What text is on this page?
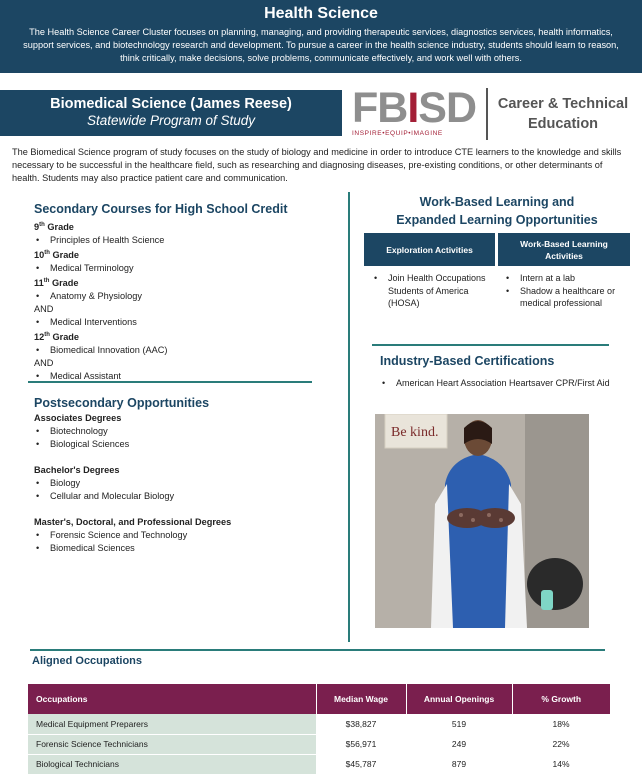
Health Science

The Health Science Career Cluster focuses on planning, managing, and providing therapeutic services, diagnostics services, health informatics, support services, and biotechnology research and development. To pursue a career in the health science industry, students should learn to reason, think critically, make decisions, solve problems, communicate effectively, and work well with others.

Biomedical Science (James Reese)
Statewide Program of Study	FBISD
INSPIRE•EQUIP•IMAGINE
Career & Technical
Education
The Biomedical Science program of study focuses on the study of biology and medicine in order to introduce CTE learners to the knowledge and skills necessary to be successful in the healthcare field, such as researching and diagnosing diseases, pre-existing conditions, or other determinants of health. Students may also practice patient care and communication.
Secondary Courses for High School Credit
9th Grade
• Principles of Health Science
10th Grade
• Medical Terminology
11th Grade
• Anatomy & Physiology
AND
• Medical Interventions
12th Grade
• Biomedical Innovation (AAC)
AND
• Medical Assistant
Postsecondary Opportunities
Associates Degrees
• Biotechnology
• Biological Sciences
Bachelor's Degrees
• Biology
• Cellular and Molecular Biology
Master's, Doctoral, and Professional Degrees
• Forensic Science and Technology
• Biomedical Sciences
Work-Based Learning and
Expanded Learning Opportunities
Exploration Activities
Work-Based Learning Activities
• Join Health Occupations Students of America (HOSA)
• Intern at a lab
• Shadow a healthcare or medical professional
Industry-Based Certifications
• American Heart Association Heartsaver CPR/First Aid
Be kind.
Aligned Occupations
Occupations	Median Wage	Annual Openings	% Growth
Medical Equipment Preparers	$38,827	519	18%
Forensic Science Technicians	$56,971	249	22%
Biological Technicians	$45,787	879	14%
